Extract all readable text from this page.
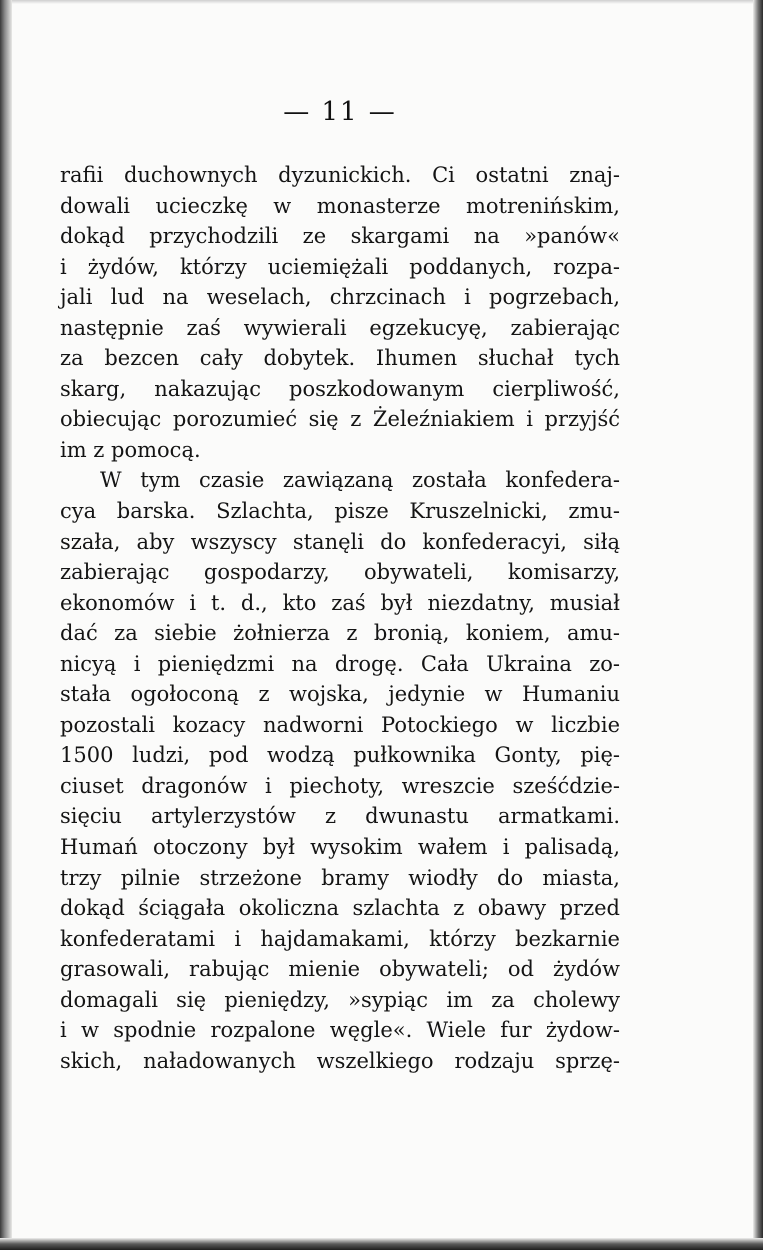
— 11 —
rafii duchownych dyzunickich. Ci ostatni znaj-
dowali ucieczkę w monasterze motrenińskim,
dokąd przychodzili ze skargami na »panów«
i żydów, którzy uciemiężali poddanych, rozpa-
jali lud na weselach, chrzcinach i pogrzebach,
następnie zaś wywierali egzekucyę, zabierając
za bezcen cały dobytek. Ihumen słuchał tych
skarg, nakazując poszkodowanym cierpliwość,
obiecując porozumieć się z Żeleźniakiem i przyjść
im z pomocą.
W tym czasie zawiązaną została konfedera-
cya barska. Szlachta, pisze Kruszelnicki, zmu-
szała, aby wszyscy stanęli do konfederacyi, siłą
zabierając gospodarzy, obywateli, komisarzy,
ekonomów i t. d., kto zaś był niezdatny, musiał
dać za siebie żołnierza z bronią, koniem, amu-
nicyą i pieniędzmi na drogę. Cała Ukraina zo-
stała ogołoconą z wojska, jedynie w Humaniu
pozostali kozacy nadworni Potockiego w liczbie
1500 ludzi, pod wodzą pułkownika Gonty, pię-
ciuset dragonów i piechoty, wreszcie sześćdzie-
sięciu artylerzystów z dwunastu armatkami.
Humań otoczony był wysokim wałem i palisadą,
trzy pilnie strzeżone bramy wiodły do miasta,
dokąd ściągała okoliczna szlachta z obawy przed
konfederatami i hajdamakami, którzy bezkarnie
grasowali, rabując mienie obywateli; od żydów
domagali się pieniędzy, »sypiąc im za cholewy
i w spodnie rozpalone węgle«. Wiele fur żydow-
skich, naładowanych wszelkiego rodzaju sprzę-
